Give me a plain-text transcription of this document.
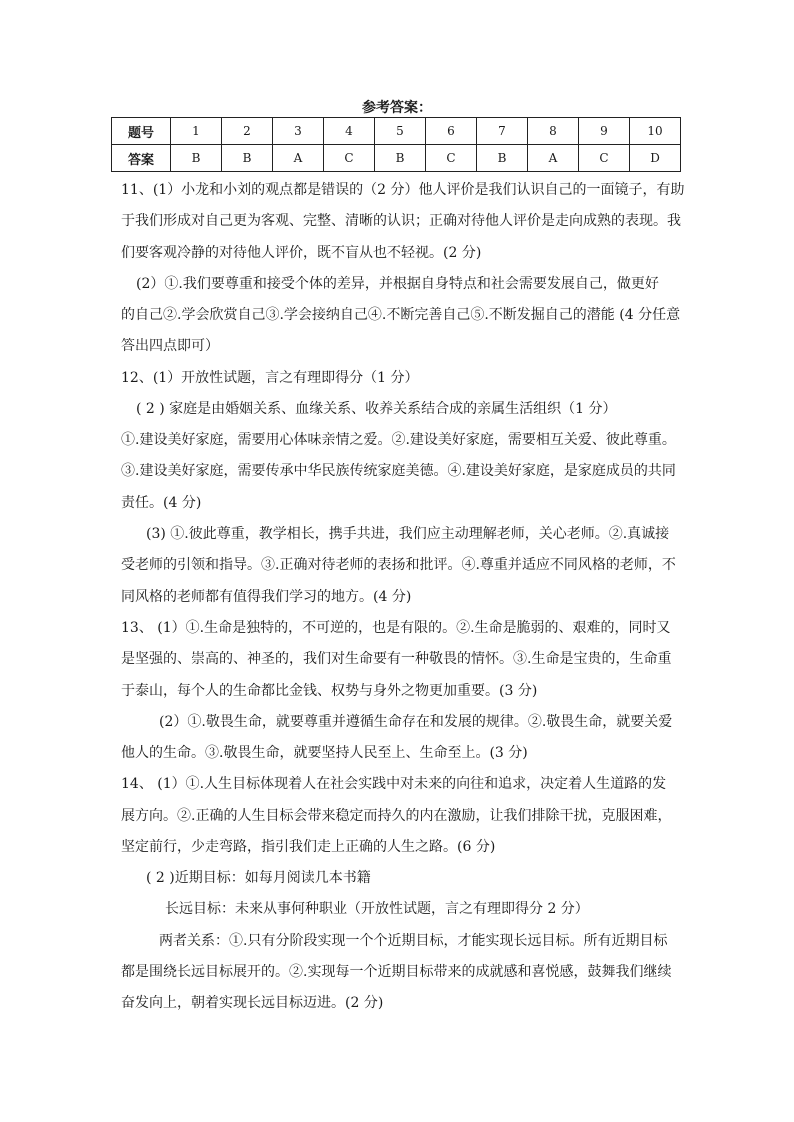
参考答案：
题号	1	2	3	4	5	6	7	8	9	10
答案	B	B	A	C	B	C	B	A	C	D
11、(1）小龙和小刘的观点都是错误的（2 分）他人评价是我们认识自己的一面镜子，有助
于我们形成对自己更为客观、完整、清晰的认识；正确对待他人评价是走向成熟的表现。我
们要客观冷静的对待他人评价，既不盲从也不轻视。(2 分)
(2）①.我们要尊重和接受个体的差异，并根据自身特点和社会需要发展自己，做更好
的自己②.学会欣赏自己③.学会接纳自己④.不断完善自己⑤.不断发掘自己的潜能 (4 分任意
答出四点即可）
12、(1）开放性试题，言之有理即得分（1 分）
( 2 ) 家庭是由婚姻关系、血缘关系、收养关系结合成的亲属生活组织（1 分）
①.建设美好家庭，需要用心体味亲情之爱。②.建设美好家庭，需要相互关爱、彼此尊重。
③.建设美好家庭，需要传承中华民族传统家庭美德。④.建设美好家庭，是家庭成员的共同
责任。(4 分)
(3) ①.彼此尊重，教学相长，携手共进，我们应主动理解老师，关心老师。②.真诚接
受老师的引领和指导。③.正确对待老师的表扬和批评。④.尊重并适应不同风格的老师，不
同风格的老师都有值得我们学习的地方。(4 分)
13、 (1）①.生命是独特的，不可逆的，也是有限的。②.生命是脆弱的、艰难的，同时又
是坚强的、崇高的、神圣的，我们对生命要有一种敬畏的情怀。③.生命是宝贵的，生命重
于泰山，每个人的生命都比金钱、权势与身外之物更加重要。(3 分)
(2）①.敬畏生命，就要尊重并遵循生命存在和发展的规律。②.敬畏生命，就要关爱
他人的生命。③.敬畏生命，就要坚持人民至上、生命至上。(3 分)
14、 (1）①.人生目标体现着人在社会实践中对未来的向往和追求，决定着人生道路的发
展方向。②.正确的人生目标会带来稳定而持久的内在激励，让我们排除干扰，克服困难，
坚定前行，少走弯路，指引我们走上正确的人生之路。(6 分)
( 2 )近期目标：如每月阅读几本书籍
长远目标：未来从事何种职业（开放性试题，言之有理即得分 2 分）
两者关系：①.只有分阶段实现一个个近期目标，才能实现长远目标。所有近期目标
都是围绕长远目标展开的。②.实现每一个近期目标带来的成就感和喜悦感，鼓舞我们继续
奋发向上，朝着实现长远目标迈进。(2 分)
